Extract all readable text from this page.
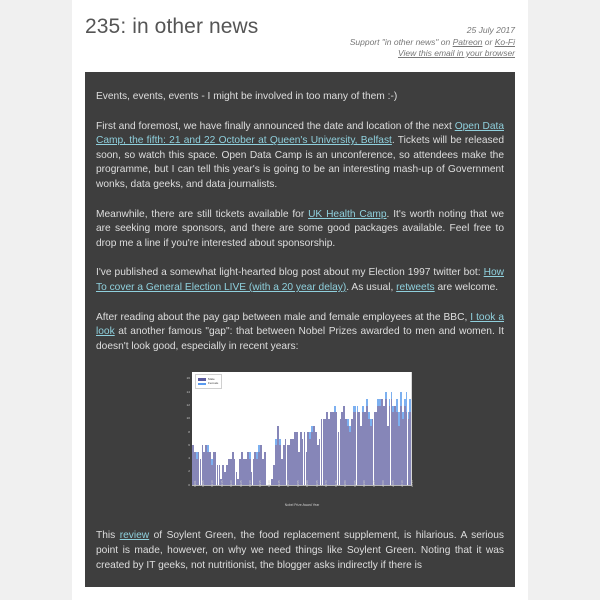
235: in other news	25 July 2017
Support "in other news" on Patreon or Ko-Fi
View this email in your browser

Events, events, events - I might be involved in too many of them :-)

First and foremost, we have finally announced the date and location of the next Open Data Camp, the fifth: 21 and 22 October at Queen's University, Belfast. Tickets will be released soon, so watch this space. Open Data Camp is an unconference, so attendees make the programme, but I can tell this year's is going to be an interesting mash-up of Government wonks, data geeks, and data journalists.

Meanwhile, there are still tickets available for UK Health Camp. It's worth noting that we are seeking more sponsors, and there are some good packages available. Feel free to drop me a line if you're interested about sponsorship.

I've published a somewhat light-hearted blog post about my Election 1997 twitter bot: How To cover a General Election LIVE (with a 20 year delay). As usual, retweets are welcome.

After reading about the pay gap between male and female employees at the BBC, I took a look at another famous "gap": that between Nobel Prizes awarded to men and women. It doesn't look good, especially in recent years:

16
14
12
10
8
6
4
2
0
Male
Female
1901 1905 1910 1915 1920 1925 1930 1935 1940 1945 1950 1955 1960 1965 1970 1975 1980 1985 1990 1995 2000 2005 2010 2015
Nobel Prize Award Year

This review of Soylent Green, the food replacement supplement, is hilarious. A serious point is made, however, on why we need things like Soylent Green. Noting that it was created by IT geeks, not nutritionist, the blogger asks indirectly if there is
